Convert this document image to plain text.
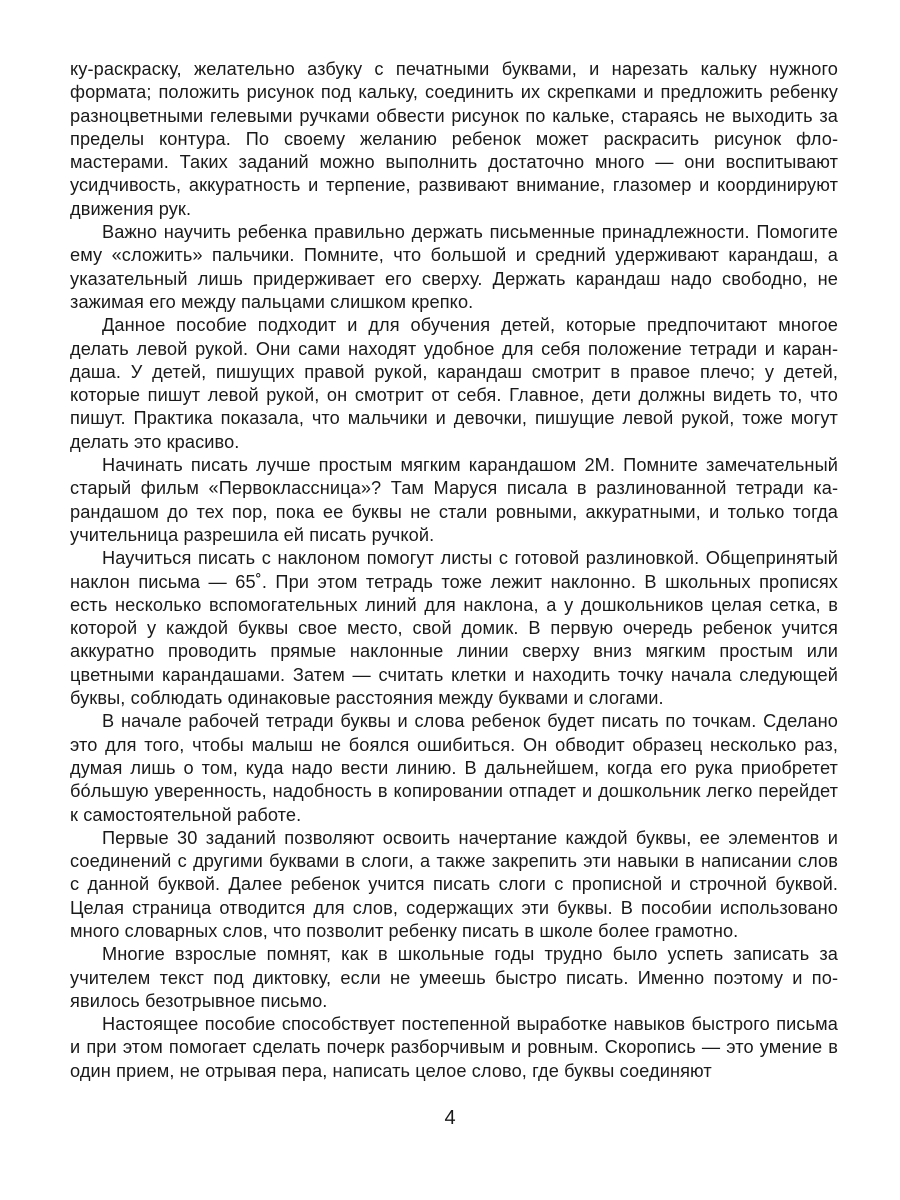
ку-раскраску, желательно азбуку с печатными буквами, и нарезать кальку нужного формата; положить рисунок под кальку, соединить их скрепками и предложить ребенку разноцветными гелевыми ручками обвести рисунок по кальке, стараясь не выходить за пределы контура. По своему желанию ребенок может раскрасить рисунок фломастерами. Таких заданий можно выполнить достаточно много — они воспитывают усидчивость, аккуратность и терпение, развивают внимание, глазомер и координируют движения рук.

Важно научить ребенка правильно держать письменные принадлежности. Помогите ему «сложить» пальчики. Помните, что большой и средний удерживают карандаш, а указательный лишь придерживает его сверху. Держать карандаш надо свободно, не зажимая его между пальцами слишком крепко.

Данное пособие подходит и для обучения детей, которые предпочитают многое делать левой рукой. Они сами находят удобное для себя положение тетради и карандаша. У детей, пишущих правой рукой, карандаш смотрит в правое плечо; у детей, которые пишут левой рукой, он смотрит от себя. Главное, дети должны видеть то, что пишут. Практика показала, что мальчики и девочки, пишущие левой рукой, тоже могут делать это красиво.

Начинать писать лучше простым мягким карандашом 2М. Помните замечательный старый фильм «Первоклассница»? Там Маруся писала в разлинованной тетради карандашом до тех пор, пока ее буквы не стали ровными, аккуратными, и только тогда учительница разрешила ей писать ручкой.

Научиться писать с наклоном помогут листы с готовой разлиновкой. Общепринятый наклон письма — 65˚. При этом тетрадь тоже лежит наклонно. В школьных прописях есть несколько вспомогательных линий для наклона, а у дошкольников целая сетка, в которой у каждой буквы свое место, свой домик. В первую очередь ребенок учится аккуратно проводить прямые наклонные линии сверху вниз мягким простым или цветными карандашами. Затем — считать клетки и находить точку начала следующей буквы, соблюдать одинаковые расстояния между буквами и слогами.

В начале рабочей тетради буквы и слова ребенок будет писать по точкам. Сделано это для того, чтобы малыш не боялся ошибиться. Он обводит образец несколько раз, думая лишь о том, куда надо вести линию. В дальнейшем, когда его рука приобретет бóльшую уверенность, надобность в копировании отпадет и дошкольник легко перейдет к самостоятельной работе.

Первые 30 заданий позволяют освоить начертание каждой буквы, ее элементов и соединений с другими буквами в слоги, а также закрепить эти навыки в написании слов с данной буквой. Далее ребенок учится писать слоги с прописной и строчной буквой. Целая страница отводится для слов, содержащих эти буквы. В пособии использовано много словарных слов, что позволит ребенку писать в школе более грамотно.

Многие взрослые помнят, как в школьные годы трудно было успеть записать за учителем текст под диктовку, если не умеешь быстро писать. Именно поэтому и появилось безотрывное письмо.

Настоящее пособие способствует постепенной выработке навыков быстрого письма и при этом помогает сделать почерк разборчивым и ровным. Скоропись — это умение в один прием, не отрывая пера, написать целое слово, где буквы соединяют

4
